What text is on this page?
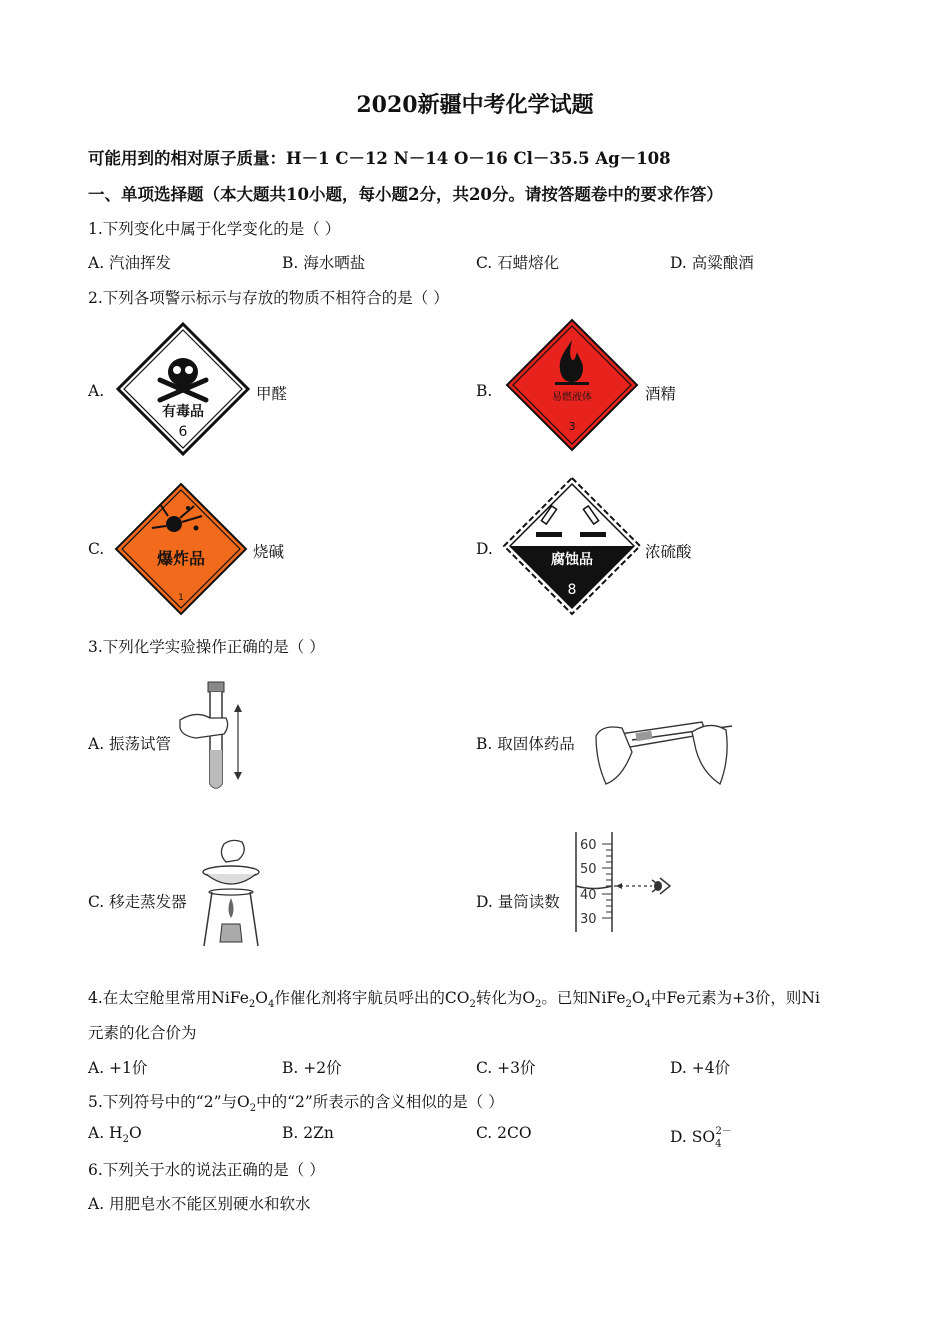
2020新疆中考化学试题
可能用到的相对原子质量：H－1 C－12 N－14 O－16 Cl－35.5 Ag－108
一、单项选择题（本大题共10小题，每小题2分，共20分。请按答题卷中的要求作答）
1.下列变化中属于化学变化的是（ ）
A. 汽油挥发	B. 海水晒盐	C. 石蜡熔化	D. 高粱酿酒
2.下列各项警示标示与存放的物质不相符合的是（ ）
A.
有毒品
6
甲醛	B.	易燃液体
3
酒精
C.	爆炸品
1
烧碱	D.
腐蚀品
8
浓硫酸
3.下列化学实验操作正确的是（ ）
A. 振荡试管	B. 取固体药品
C. 移走蒸发器	D. 量筒读数
60
50
40
30
4.在太空舱里常用$NiFe_2O_4$作催化剂将宇航员呼出的$CO_2$转化为$O_2$。已知$NiFe_2O_4$中Fe元素为+3价，则Ni
元素的化合价为
A. +1价	B. +2价	C. +3价	D. +4价
5.下列符号中的“2”与$O_2$中的“2”所表示的含义相似的是（ ）
A. $H_2O$	B. 2Zn	C. 2CO	D. $SO_4^{2-}$
6.下列关于水的说法正确的是（ ）
A. 用肥皂水不能区别硬水和软水
